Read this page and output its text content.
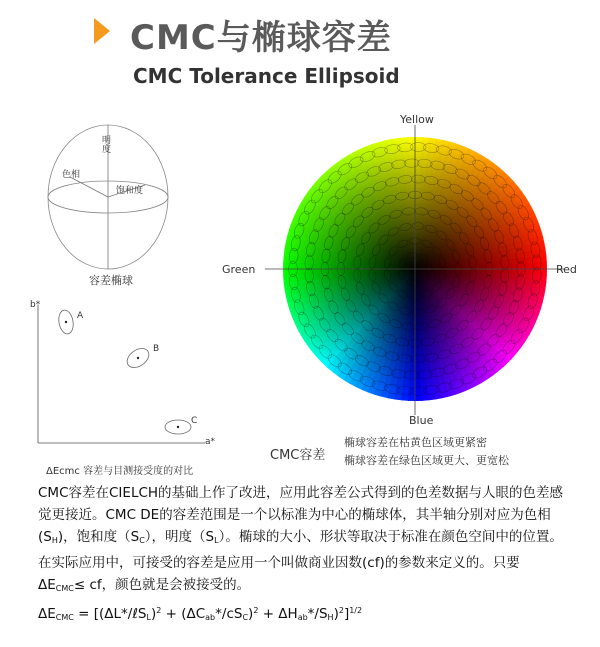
CMC与椭球容差
CMC Tolerance Ellipsoid
明度
色相
饱和度
容差椭球
b*
a*
A
B
C
ΔEcmc 容差与目测接受度的对比
Yellow
Blue
Green	Red
CMC容差
椭球容差在枯黄色区域更紧密
椭球容差在绿色区域更大、更宽松

CMC容差在CIELCH的基础上作了改进，应用此容差公式得到的色差数据与人眼的色差感觉更接近。CMC DE的容差范围是一个以标准为中心的椭球体，其半轴分别对应为色相$(S_H)$，饱和度$(S_C)$，明度$(S_L)$。椭球的大小、形状等取决于标准在颜色空间中的位置。

在实际应用中，可接受的容差是应用一个叫做商业因数(cf)的参数来定义的。只要

$\Delta E_{CMC}\le$ cf，颜色就是会被接受的。

$\Delta E_{CMC}$ = [(ΔL*/ℓS$_L$)$^2$ + $(\Delta C_{ab}*/cS_C)^2 + \Delta H_{ab}*/S_H)^2]^{1/2}$
